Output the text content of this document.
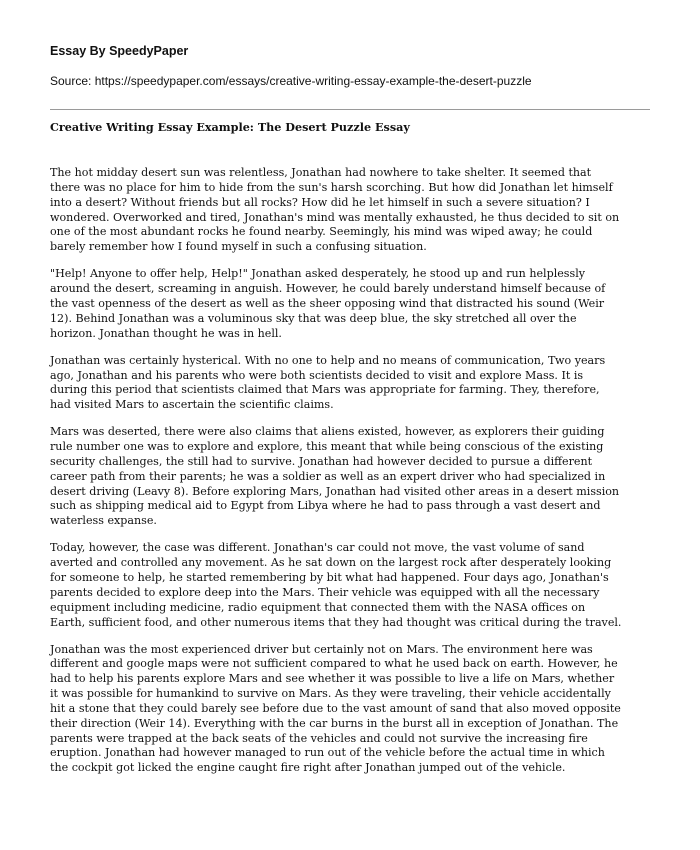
Essay By SpeedyPaper
Source: https://speedypaper.com/essays/creative-writing-essay-example-the-desert-puzzle
Creative Writing Essay Example: The Desert Puzzle Essay
The hot midday desert sun was relentless, Jonathan had nowhere to take shelter. It seemed that
there was no place for him to hide from the sun's harsh scorching. But how did Jonathan let himself
into a desert? Without friends but all rocks? How did he let himself in such a severe situation? I
wondered. Overworked and tired, Jonathan's mind was mentally exhausted, he thus decided to sit on
one of the most abundant rocks he found nearby. Seemingly, his mind was wiped away; he could
barely remember how I found myself in such a confusing situation.
"Help! Anyone to offer help, Help!" Jonathan asked desperately, he stood up and run helplessly
around the desert, screaming in anguish. However, he could barely understand himself because of
the vast openness of the desert as well as the sheer opposing wind that distracted his sound (Weir
12). Behind Jonathan was a voluminous sky that was deep blue, the sky stretched all over the
horizon. Jonathan thought he was in hell.
Jonathan was certainly hysterical. With no one to help and no means of communication, Two years
ago, Jonathan and his parents who were both scientists decided to visit and explore Mass. It is
during this period that scientists claimed that Mars was appropriate for farming. They, therefore,
had visited Mars to ascertain the scientific claims.
Mars was deserted, there were also claims that aliens existed, however, as explorers their guiding
rule number one was to explore and explore, this meant that while being conscious of the existing
security challenges, the still had to survive. Jonathan had however decided to pursue a different
career path from their parents; he was a soldier as well as an expert driver who had specialized in
desert driving (Leavy 8). Before exploring Mars, Jonathan had visited other areas in a desert mission
such as shipping medical aid to Egypt from Libya where he had to pass through a vast desert and
waterless expanse.
Today, however, the case was different. Jonathan's car could not move, the vast volume of sand
averted and controlled any movement. As he sat down on the largest rock after desperately looking
for someone to help, he started remembering by bit what had happened. Four days ago, Jonathan's
parents decided to explore deep into the Mars. Their vehicle was equipped with all the necessary
equipment including medicine, radio equipment that connected them with the NASA offices on
Earth, sufficient food, and other numerous items that they had thought was critical during the travel.
Jonathan was the most experienced driver but certainly not on Mars. The environment here was
different and google maps were not sufficient compared to what he used back on earth. However, he
had to help his parents explore Mars and see whether it was possible to live a life on Mars, whether
it was possible for humankind to survive on Mars. As they were traveling, their vehicle accidentally
hit a stone that they could barely see before due to the vast amount of sand that also moved opposite
their direction (Weir 14). Everything with the car burns in the burst all in exception of Jonathan. The
parents were trapped at the back seats of the vehicles and could not survive the increasing fire
eruption. Jonathan had however managed to run out of the vehicle before the actual time in which
the cockpit got licked the engine caught fire right after Jonathan jumped out of the vehicle.
